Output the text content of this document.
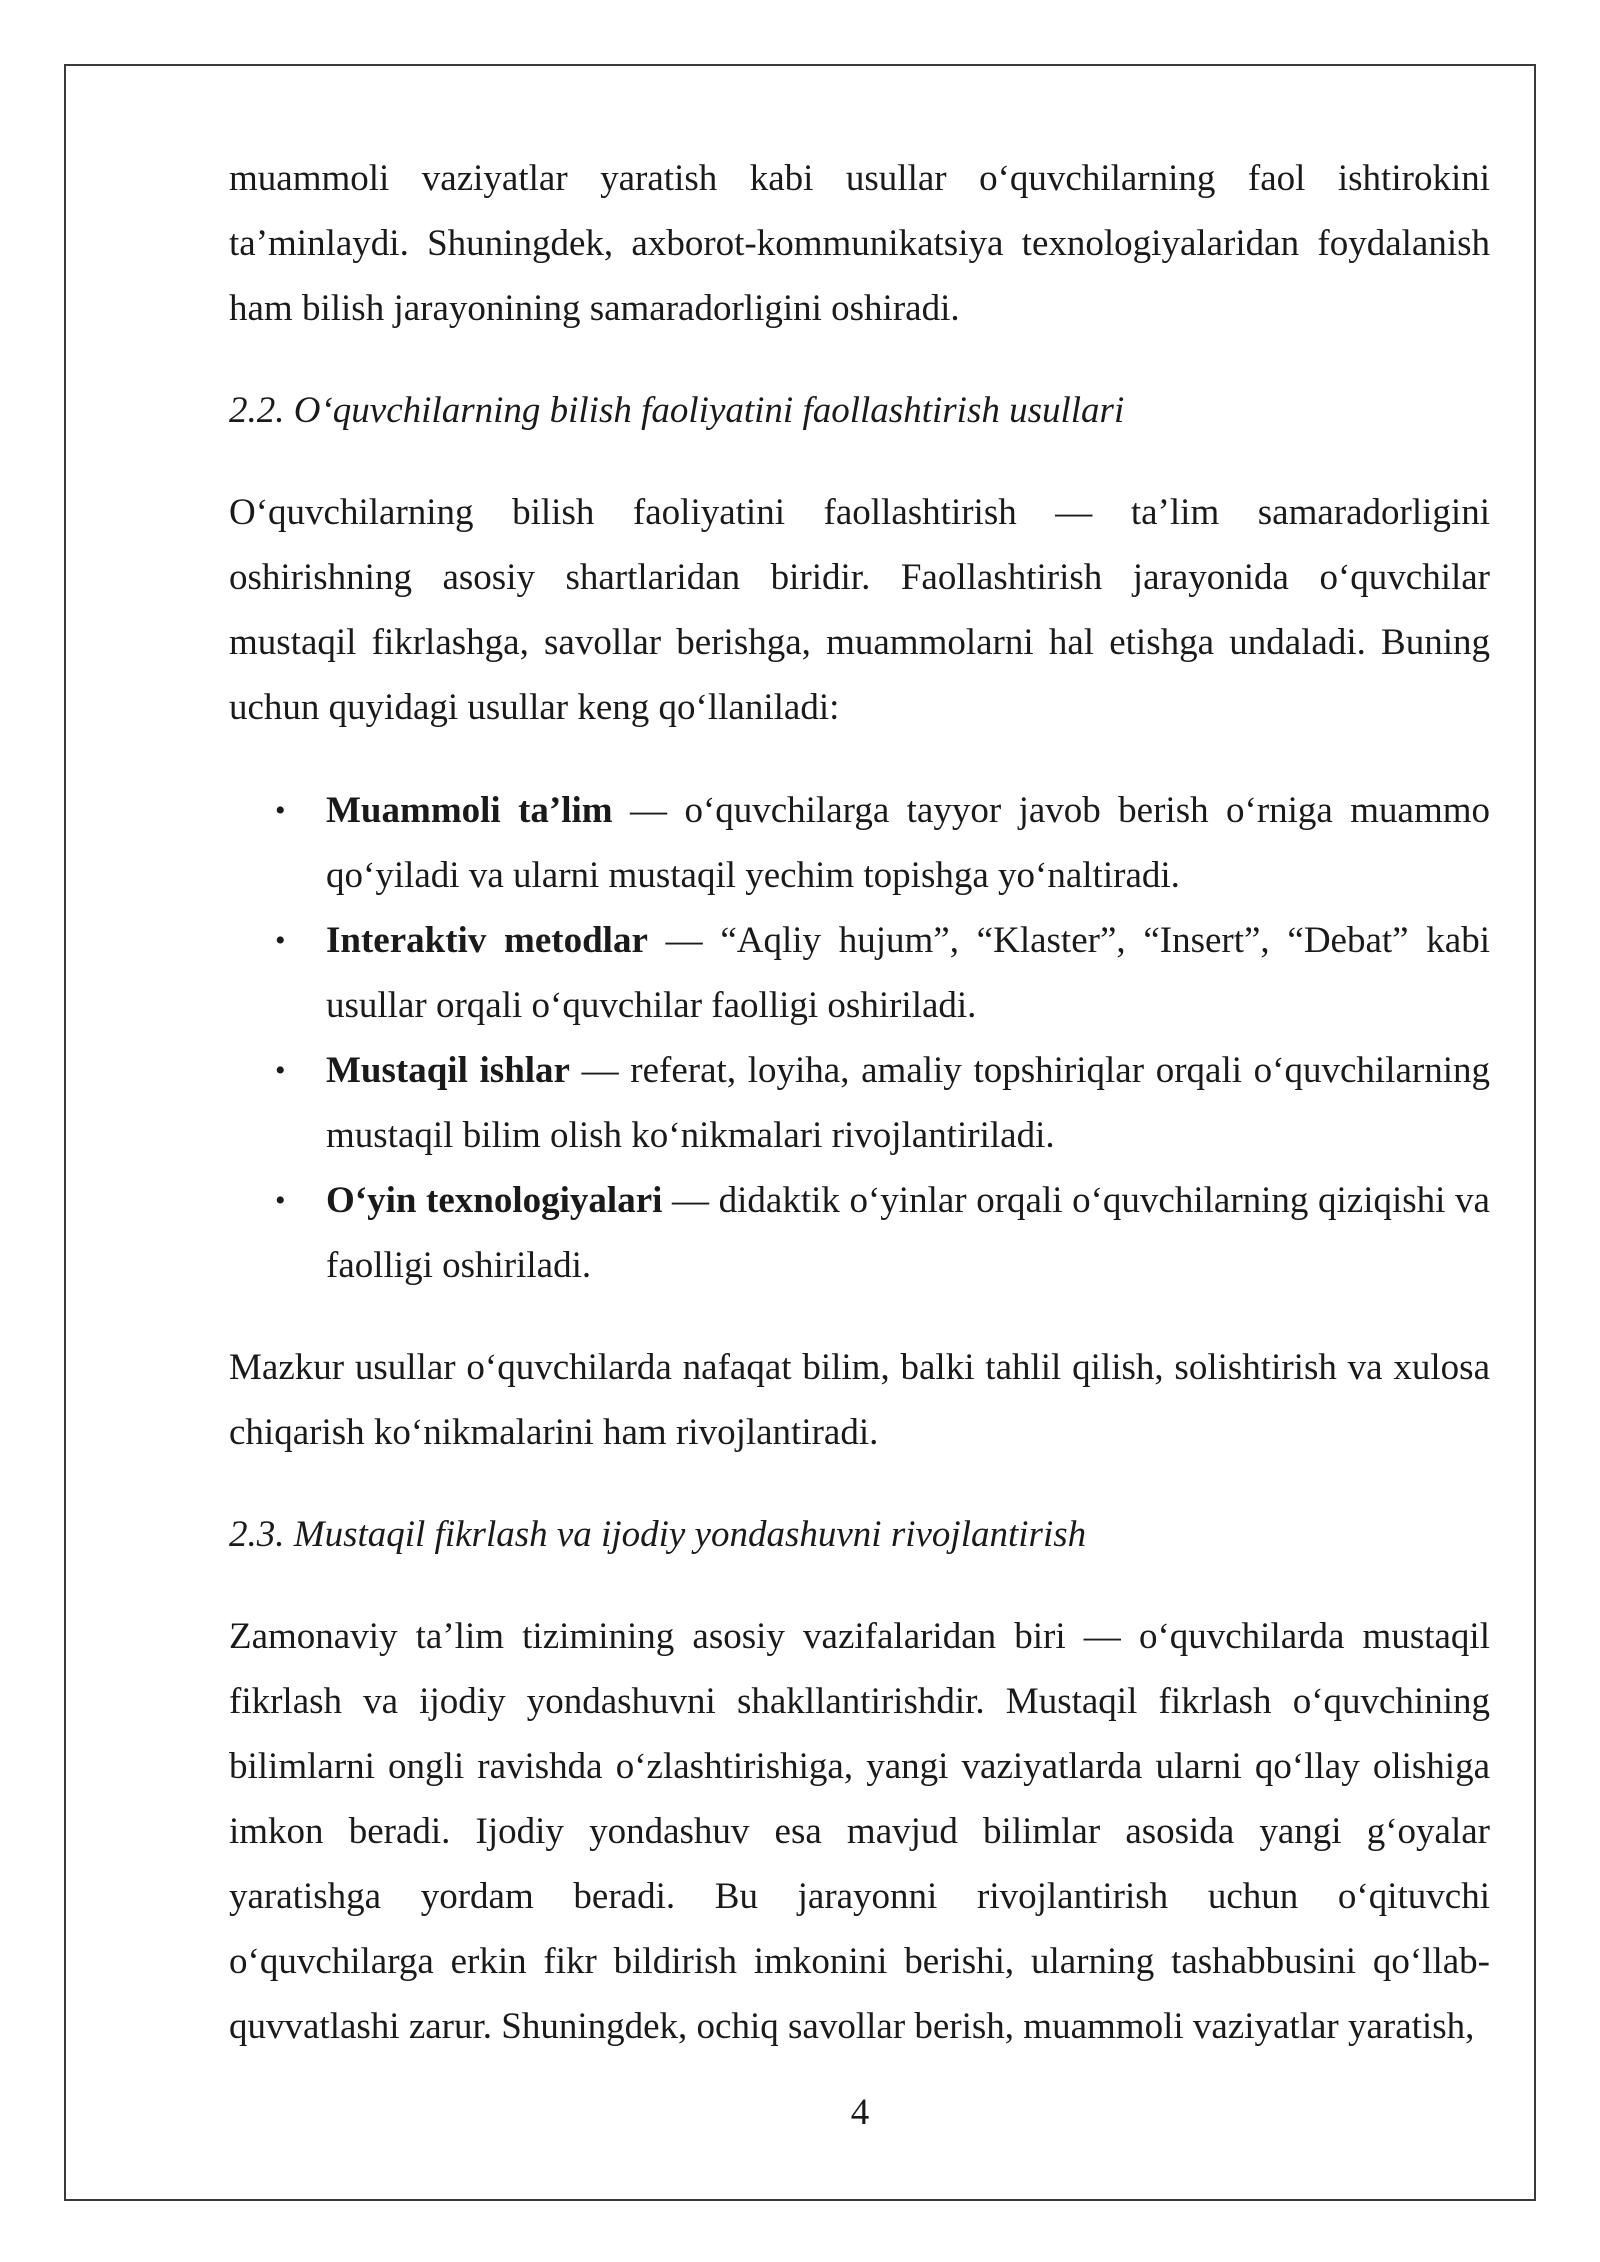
muammoli vaziyatlar yaratish kabi usullar o‘quvchilarning faol ishtirokini ta’minlaydi. Shuningdek, axborot-kommunikatsiya texnologiyalaridan foydalanish ham bilish jarayonining samaradorligini oshiradi.

2.2. O‘quvchilarning bilish faoliyatini faollashtirish usullari

O‘quvchilarning bilish faoliyatini faollashtirish — ta’lim samaradorligini oshirishning asosiy shartlaridan biridir. Faollashtirish jarayonida o‘quvchilar mustaqil fikrlashga, savollar berishga, muammolarni hal etishga undaladi. Buning uchun quyidagi usullar keng qo‘llaniladi:

• Muammoli ta’lim — o‘quvchilarga tayyor javob berish o‘rniga muammo qo‘yiladi va ularni mustaqil yechim topishga yo‘naltiradi.
• Interaktiv metodlar — “Aqliy hujum”, “Klaster”, “Insert”, “Debat” kabi usullar orqali o‘quvchilar faolligi oshiriladi.
• Mustaqil ishlar — referat, loyiha, amaliy topshiriqlar orqali o‘quvchilarning mustaqil bilim olish ko‘nikmalari rivojlantiriladi.
• O‘yin texnologiyalari — didaktik o‘yinlar orqali o‘quvchilarning qiziqishi va faolligi oshiriladi.

Mazkur usullar o‘quvchilarda nafaqat bilim, balki tahlil qilish, solishtirish va xulosa chiqarish ko‘nikmalarini ham rivojlantiradi.

2.3. Mustaqil fikrlash va ijodiy yondashuvni rivojlantirish

Zamonaviy ta’lim tizimining asosiy vazifalaridan biri — o‘quvchilarda mustaqil fikrlash va ijodiy yondashuvni shakllantirishdir. Mustaqil fikrlash o‘quvchining bilimlarni ongli ravishda o‘zlashtirishiga, yangi vaziyatlarda ularni qo‘llay olishiga imkon beradi. Ijodiy yondashuv esa mavjud bilimlar asosida yangi g‘oyalar yaratishga yordam beradi. Bu jarayonni rivojlantirish uchun o‘qituvchi o‘quvchilarga erkin fikr bildirish imkonini berishi, ularning tashabbusini qo‘llab-quvvatlashi zarur. Shuningdek, ochiq savollar berish, muammoli vaziyatlar yaratish,

4
